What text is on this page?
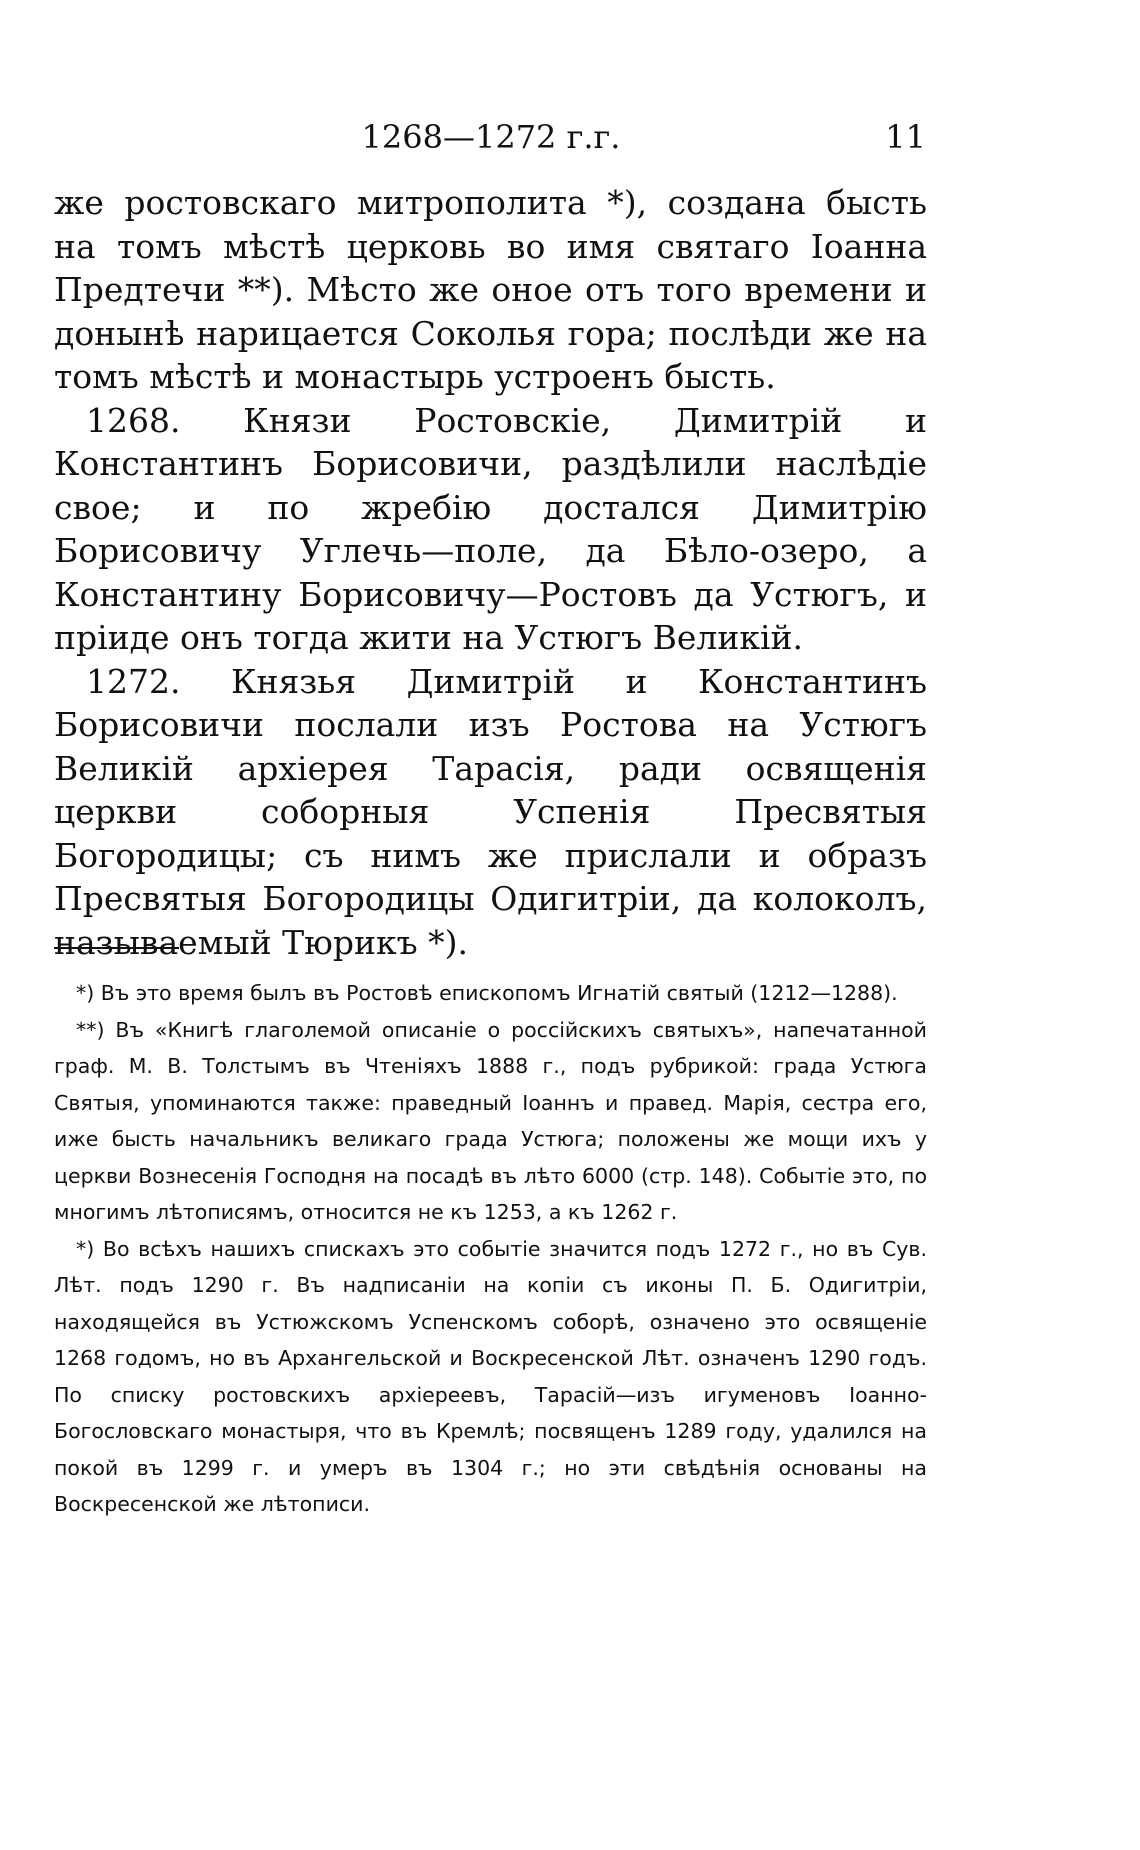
1268—1272 г.г.	11

же ростовскаго митрополита *), создана бысть на томъ мѣстѣ церковь во имя святаго Іоанна Предтечи **). Мѣсто же оное отъ того времени и донынѣ нарицается Соколья гора; послѣди же на томъ мѣстѣ и монастырь устроенъ бысть.

1268. Князи Ростовскіе, Димитрій и Константинъ Борисовичи, раздѣлили наслѣдіе свое; и по жребію достался Димитрію Борисовичу Углечь—поле, да Бѣло-озеро, а Константину Борисовичу—Ростовъ да Устюгъ, и пріиде онъ тогда жити на Устюгъ Великій.

1272. Князья Димитрій и Константинъ Борисовичи послали изъ Ростова на Устюгъ Великій архіерея Тарасія, ради освященія церкви соборныя Успенія Пресвятыя Богородицы; съ нимъ же прислали и образъ Пресвятыя Богородицы Одигитріи, да колоколъ, называемый Тюрикъ *).

*) Въ это время былъ въ Ростовѣ епископомъ Игнатій святый (1212—1288).

**) Въ «Книгѣ глаголемой описаніе о россійскихъ святыхъ», напечатанной граф. М. В. Толстымъ въ Чтеніяхъ 1888 г., подъ рубрикой: града Устюга Святыя, упоминаются также: праведный Іоаннъ и правед. Марія, сестра его, иже бысть начальникъ великаго града Устюга; положены же мощи ихъ у церкви Вознесенія Господня на посадѣ въ лѣто 6000 (стр. 148). Событіе это, по многимъ лѣтописямъ, относится не къ 1253, а къ 1262 г.

*) Во всѣхъ нашихъ спискахъ это событіе значится подъ 1272 г., но въ Сув. Лѣт. подъ 1290 г. Въ надписаніи на копіи съ иконы П. Б. Одигитріи, находящейся въ Устюжскомъ Успенскомъ соборѣ, означено это освященіе 1268 годомъ, но въ Архангельской и Воскресенской Лѣт. означенъ 1290 годъ. По списку ростовскихъ архіереевъ, Тарасій—изъ игуменовъ Іоанно-Богословскаго монастыря, что въ Кремлѣ; посвященъ 1289 году, удалился на покой въ 1299 г. и умеръ въ 1304 г.; но эти свѣдѣнія основаны на Воскресенской же лѣтописи.
